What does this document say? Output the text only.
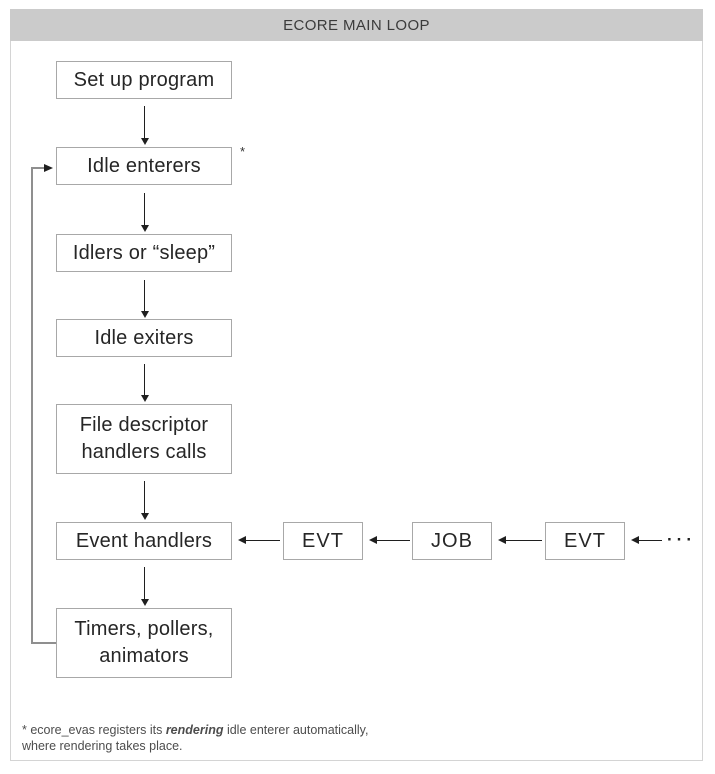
ECORE MAIN LOOP
Set up program
Idle enterers
Idlers or “sleep”
Idle exiters
File descriptor handlers calls
Event handlers
Timers, pollers, animators
*
EVT	JOB	EVT	···
* ecore_evas registers its rendering idle enterer automatically,
where rendering takes place.
